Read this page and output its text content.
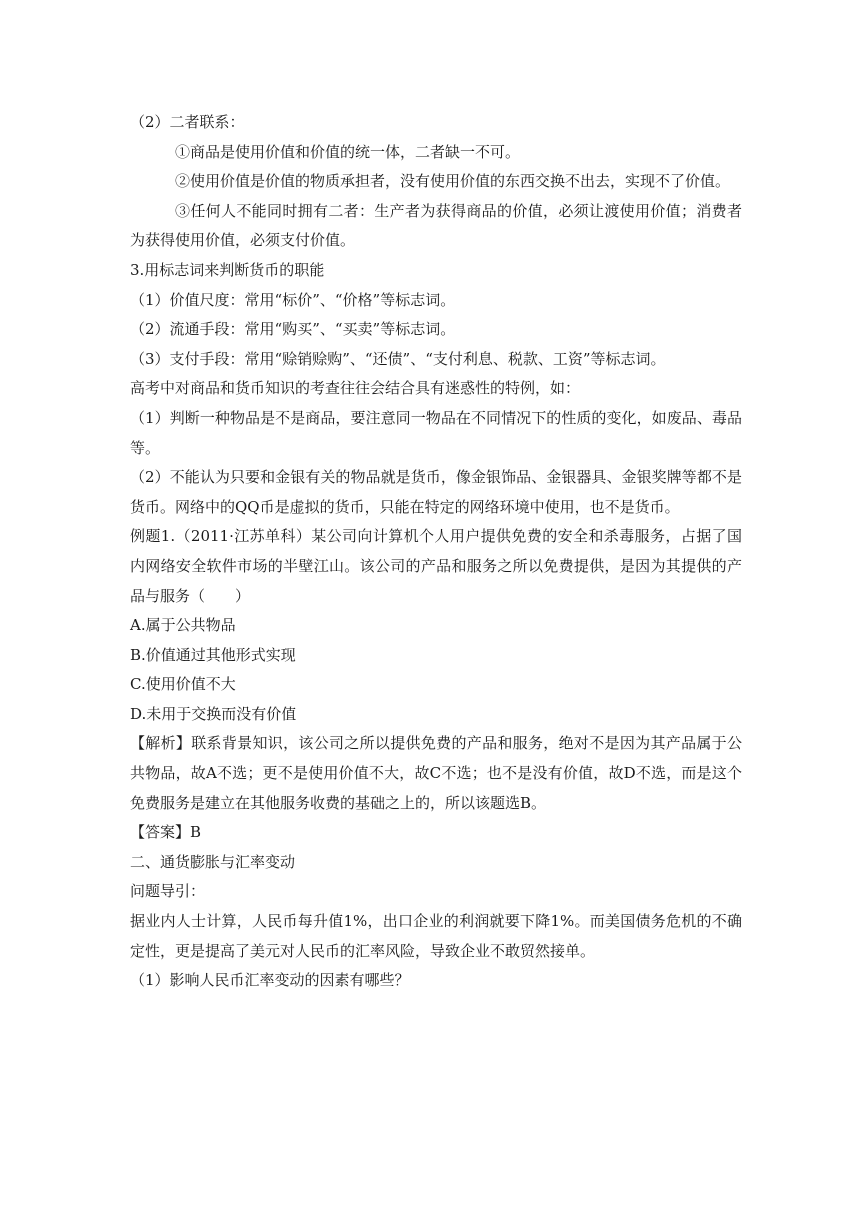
（2）二者联系：

①商品是使用价值和价值的统一体，二者缺一不可。

②使用价值是价值的物质承担者，没有使用价值的东西交换不出去，实现不了价值。

③任何人不能同时拥有二者：生产者为获得商品的价值，必须让渡使用价值；消费者为获得使用价值，必须支付价值。

3.用标志词来判断货币的职能

（1）价值尺度：常用“标价”、“价格”等标志词。

（2）流通手段：常用“购买”、“买卖”等标志词。

（3）支付手段：常用“赊销赊购”、“还债”、“支付利息、税款、工资”等标志词。

高考中对商品和货币知识的考查往往会结合具有迷惑性的特例，如：

（1）判断一种物品是不是商品，要注意同一物品在不同情况下的性质的变化，如废品、毒品等。

（2）不能认为只要和金银有关的物品就是货币，像金银饰品、金银器具、金银奖牌等都不是货币。网络中的QQ币是虚拟的货币，只能在特定的网络环境中使用，也不是货币。

例题1.（2011·江苏单科）某公司向计算机个人用户提供免费的安全和杀毒服务，占据了国内网络安全软件市场的半壁江山。该公司的产品和服务之所以免费提供，是因为其提供的产品与服务（　　）

A.属于公共物品

B.价值通过其他形式实现

C.使用价值不大

D.未用于交换而没有价值

【解析】联系背景知识，该公司之所以提供免费的产品和服务，绝对不是因为其产品属于公共物品，故A不选；更不是使用价值不大，故C不选；也不是没有价值，故D不选，而是这个免费服务是建立在其他服务收费的基础之上的，所以该题选B。

【答案】B

二、通货膨胀与汇率变动

问题导引：

据业内人士计算，人民币每升值1%，出口企业的利润就要下降1%。而美国债务危机的不确定性，更是提高了美元对人民币的汇率风险，导致企业不敢贸然接单。

（1）影响人民币汇率变动的因素有哪些？
